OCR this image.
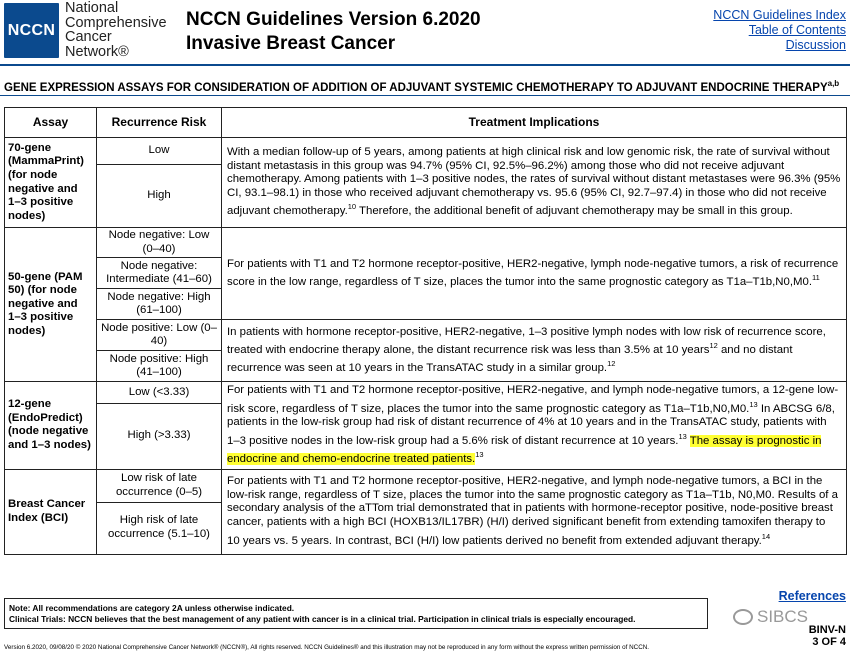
NCCN
National
Comprehensive
Cancer
Network®
NCCN Guidelines Version 6.2020
Invasive Breast Cancer
NCCN Guidelines Index
Table of Contents
Discussion
GENE EXPRESSION ASSAYS FOR CONSIDERATION OF ADDITION OF ADJUVANT SYSTEMIC CHEMOTHERAPY TO ADJUVANT ENDOCRINE THERAPY$^{a,b}$
Assay	Recurrence Risk	Treatment Implications
70-gene (MammaPrint) (for node negative and 1–3 positive nodes)	Low	With a median follow-up of 5 years, among patients at high clinical risk and low genomic risk, the rate of survival without distant metastasis in this group was 94.7% (95% CI, 92.5%–96.2%) among those who did not receive adjuvant chemotherapy. Among patients with 1–3 positive nodes, the rates of survival without distant metastases were 96.3% (95% CI, 93.1–98.1) in those who received adjuvant chemotherapy vs. 95.6 (95% CI, 92.7–97.4) in those who did not receive adjuvant chemotherapy.$^{10}$ Therefore, the additional benefit of adjuvant chemotherapy may be small in this group.
	High	
50-gene (PAM 50) (for node negative and 1–3 positive nodes)	Node negative: Low (0–40)	For patients with T1 and T2 hormone receptor-positive, HER2-negative, lymph node-negative tumors, a risk of recurrence score in the low range, regardless of T size, places the tumor into the same prognostic category as T1a–T1b,N0,M0.11
	Node negative: Intermediate (41–60)	
	Node negative: High (61–100)	
	Node positive: Low (0–40)	In patients with hormone receptor-positive, HER2-negative, 1–3 positive lymph nodes with low risk of recurrence score, treated with endocrine therapy alone, the distant recurrence risk was less than 3.5% at 10 years$^{12}$ and no distant recurrence was seen at 10 years in the TransATAC study in a similar group.$^{12}$
	Node positive: High (41–100)	
12-gene (EndoPredict) (node negative and 1–3 nodes)	Low (<3.33)	For patients with T1 and T2 hormone receptor-positive, HER2-negative, and lymph node-negative tumors, a 12-gene low-risk score, regardless of T size, places the tumor into the same prognostic category as T1a–T1b,N0,M0.13 In ABCSG 6/8, patients in the low-risk group had risk of distant recurrence of 4% at 10 years and in the TransATAC study, patients with 1–3 positive nodes in the low-risk group had a 5.6% risk of distant recurrence at 10 years.$^{13}$ The assay is prognostic in endocrine and chemo-endocrine treated patients.$^{13}$
	High (>3.33)	
Breast Cancer Index (BCI)	Low risk of late occurrence (0–5)	For patients with T1 and T2 hormone receptor-positive, HER2-negative, and lymph node-negative tumors, a BCI in the low-risk range, regardless of T size, places the tumor into the same prognostic category as T1a–T1b, N0,M0. Results of a secondary analysis of the aTTom trial demonstrated that in patients with hormone-receptor positive, node-positive breast cancer, patients with a high BCI (HOXB13/IL17BR) (H/I) derived significant benefit from extending tamoxifen therapy to 10 years vs. 5 years. In contrast, BCI (H/I) low patients derived no benefit from extended adjuvant therapy.$^{14}$
	High risk of late occurrence (5.1–10)	
References
Note: All recommendations are category 2A unless otherwise indicated.
Clinical Trials: NCCN believes that the best management of any patient with cancer is in a clinical trial. Participation in clinical trials is especially encouraged.	SIBCS
BINV-N
3 OF 4
Version 6.2020, 09/08/20 © 2020 National Comprehensive Cancer Network® (NCCN®), All rights reserved. NCCN Guidelines® and this illustration may not be reproduced in any form without the express written permission of NCCN.
